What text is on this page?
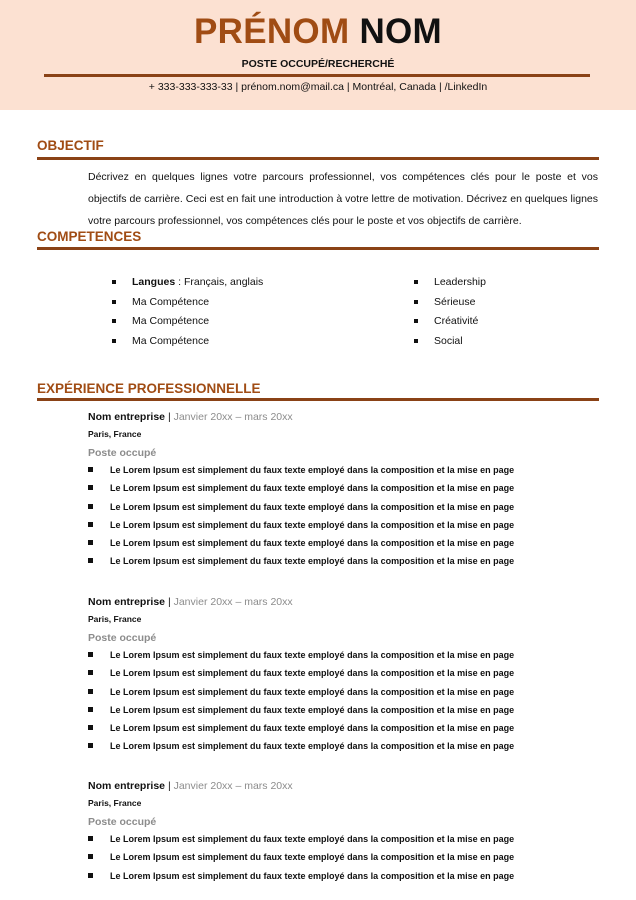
PRÉNOM NOM
POSTE OCCUPÉ/RECHERCHÉ
+ 333-333-333-33 | prénom.nom@mail.ca | Montréal, Canada | /LinkedIn
OBJECTIF

Décrivez en quelques lignes votre parcours professionnel, vos compétences clés pour le poste et vos objectifs de carrière. Ceci est en fait une introduction à votre lettre de motivation. Décrivez en quelques lignes votre parcours professionnel, vos compétences clés pour le poste et vos objectifs de carrière.

COMPETENCES
Langues : Français, anglais
Ma Compétence
Ma Compétence
Ma Compétence
Leadership
Sérieuse
Créativité
Social
EXPÉRIENCE PROFESSIONNELLE
Nom entreprise | Janvier 20xx – mars 20xx
Paris, France
Poste occupé
Le Lorem Ipsum est simplement du faux texte employé dans la composition et la mise en page
Le Lorem Ipsum est simplement du faux texte employé dans la composition et la mise en page
Le Lorem Ipsum est simplement du faux texte employé dans la composition et la mise en page
Le Lorem Ipsum est simplement du faux texte employé dans la composition et la mise en page
Le Lorem Ipsum est simplement du faux texte employé dans la composition et la mise en page
Le Lorem Ipsum est simplement du faux texte employé dans la composition et la mise en page
Nom entreprise | Janvier 20xx – mars 20xx
Paris, France
Poste occupé
Le Lorem Ipsum est simplement du faux texte employé dans la composition et la mise en page
Le Lorem Ipsum est simplement du faux texte employé dans la composition et la mise en page
Le Lorem Ipsum est simplement du faux texte employé dans la composition et la mise en page
Le Lorem Ipsum est simplement du faux texte employé dans la composition et la mise en page
Le Lorem Ipsum est simplement du faux texte employé dans la composition et la mise en page
Le Lorem Ipsum est simplement du faux texte employé dans la composition et la mise en page
Nom entreprise | Janvier 20xx – mars 20xx
Paris, France
Poste occupé
Le Lorem Ipsum est simplement du faux texte employé dans la composition et la mise en page
Le Lorem Ipsum est simplement du faux texte employé dans la composition et la mise en page
Le Lorem Ipsum est simplement du faux texte employé dans la composition et la mise en page
